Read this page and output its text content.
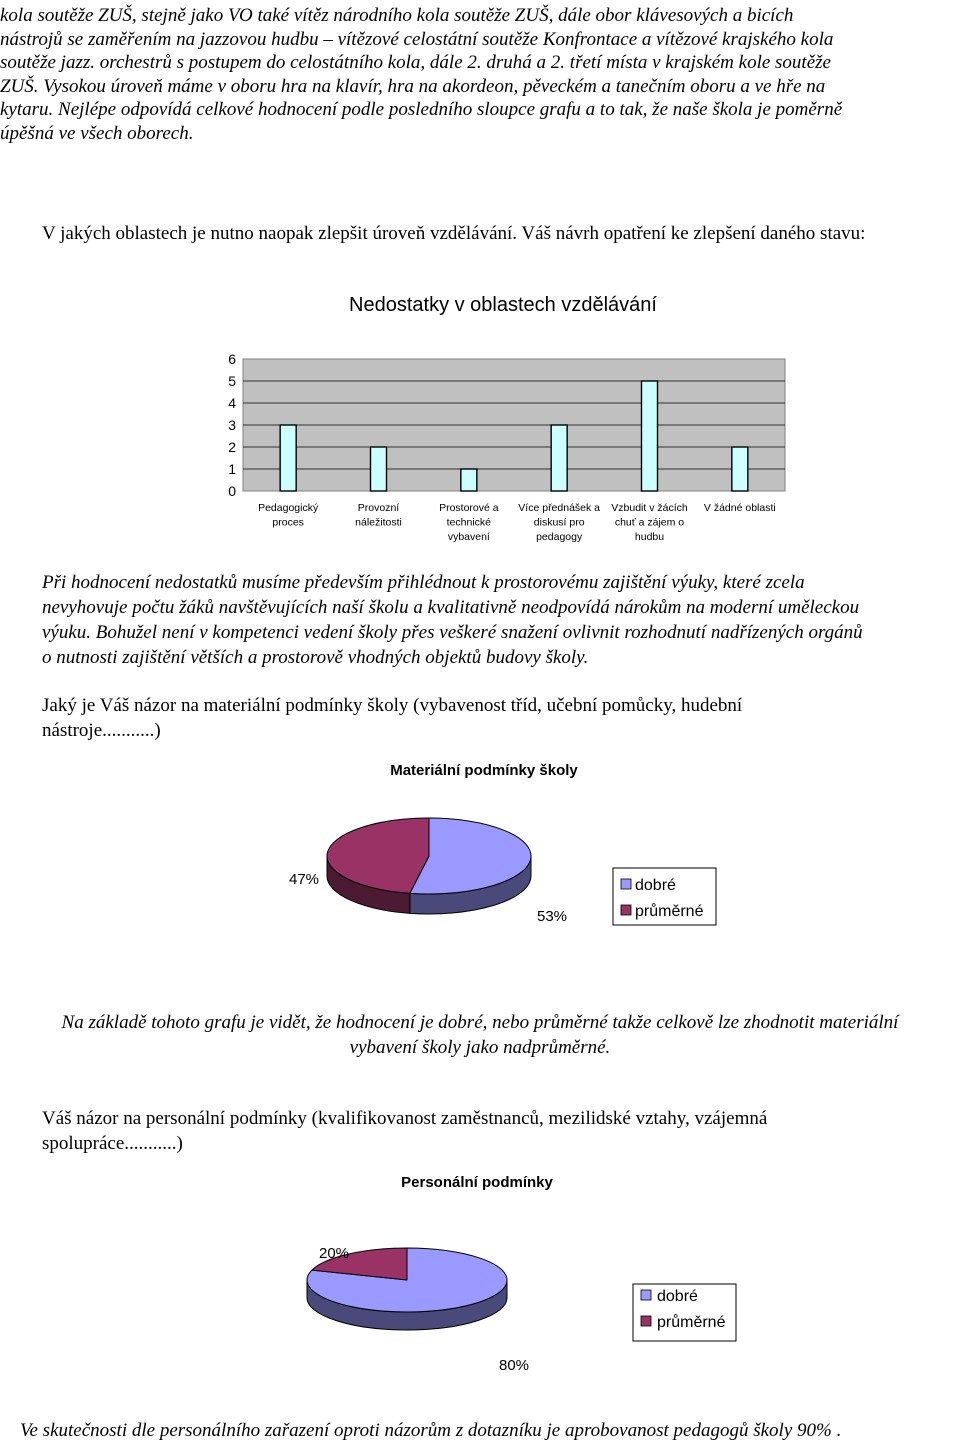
kola soutěže ZUŠ, stejně jako VO také vítěz národního kola soutěže ZUŠ, dále obor klávesových a bicích
nástrojů se zaměřením na jazzovou hudbu – vítězové celostátní soutěže Konfrontace a vítězové krajského kola
soutěže jazz. orchestrů s postupem do celostátního kola, dále 2. druhá a 2. třetí místa v krajském kole soutěže
ZUŠ. Vysokou úroveň máme v oboru hra na klavír, hra na akordeon, pěveckém a tanečním oboru a ve hře na
kytaru. Nejlépe odpovídá celkové hodnocení podle posledního sloupce grafu a to tak, že naše škola je poměrně
úpěšná ve všech oborech.
V jakých oblastech je nutno naopak zlepšit úroveň vzdělávání. Váš návrh opatření ke zlepšení daného stavu:
Nedostatky v oblastech vzdělávání
0
1
2
3
4
5
6
Pedagogický
proces
Provozní
náležitosti
Prostorové a
technické
vybavení
Více přednášek a
diskusí pro
pedagogy
Vzbudit v žácích
chuť a zájem o
hudbu
V žádné oblasti
Při hodnocení nedostatků musíme především přihlédnout k prostorovému zajištění výuky, které zcela
nevyhovuje počtu žáků navštěvujících naší školu a kvalitativně neodpovídá nárokům na moderní uměleckou
výuku. Bohužel není v kompetenci vedení školy přes veškeré snažení ovlivnit rozhodnutí nadřízených orgánů
o nutnosti zajištění větších a prostorově vhodných objektů budovy školy.
Jaký je Váš názor na materiální podmínky školy (vybavenost tříd, učební pomůcky, hudební
nástroje...........)
Materiální podmínky školy
47%
53%
dobré
průměrné
Na základě tohoto grafu je vidět, že hodnocení je dobré, nebo průměrné takže celkově lze zhodnotit materiální
vybavení školy jako nadprůměrné.
Váš názor na personální podmínky (kvalifikovanost zaměstnanců, mezilidské vztahy, vzájemná
spolupráce...........)
Personální podmínky
20%
80%
dobré
průměrné
Ve skutečnosti dle personálního zařazení oproti názorům z dotazníku je aprobovanost pedagogů školy 90% .
